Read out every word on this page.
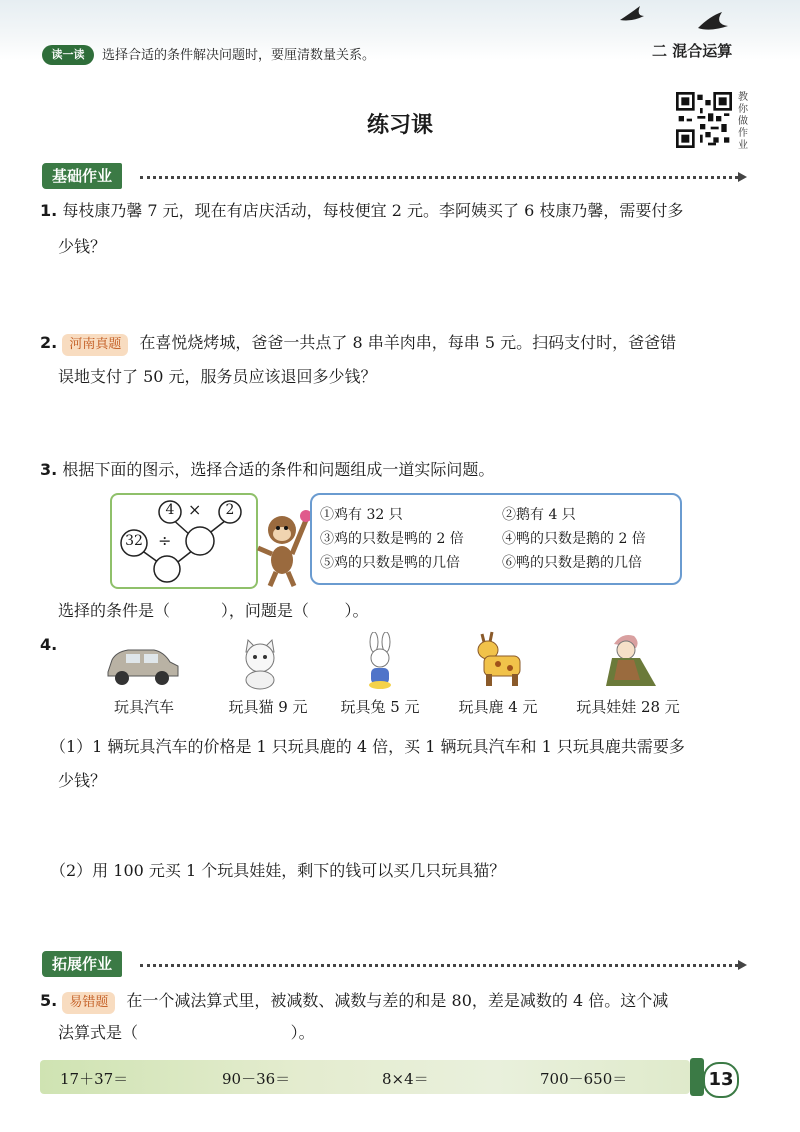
读一读	选择合适的条件解决问题时，要厘清数量关系。	二 混合运算
练习课
教你做作业
基础作业
1. 每枝康乃馨 7 元，现在有店庆活动，每枝便宜 2 元。李阿姨买了 6 枝康乃馨，需要付多
少钱？
2. 河南真题 在喜悦烧烤城，爸爸一共点了 8 串羊肉串，每串 5 元。扫码支付时，爸爸错
误地支付了 50 元，服务员应该退回多少钱？
3. 根据下面的图示，选择合适的条件和问题组成一道实际问题。
4 × 2
32 ÷
①鸡有 32 只	②鹅有 4 只
③鸡的只数是鸭的 2 倍	④鸭的只数是鹅的 2 倍
⑤鸡的只数是鸭的几倍	⑥鸭的只数是鹅的几倍
选择的条件是（          ），问题是（       ）。
4.
玩具汽车	玩具猫 9 元	玩具兔 5 元	玩具鹿 4 元	玩具娃娃 28 元
（1）1 辆玩具汽车的价格是 1 只玩具鹿的 4 倍，买 1 辆玩具汽车和 1 只玩具鹿共需要多
少钱？
（2）用 100 元买 1 个玩具娃娃，剩下的钱可以买几只玩具猫？
拓展作业
5. 易错题 在一个减法算式里，被减数、减数与差的和是 80，差是减数的 4 倍。这个减
法算式是（                              ）。
17＋37＝	90－36＝	8×4＝	700－650＝	13
